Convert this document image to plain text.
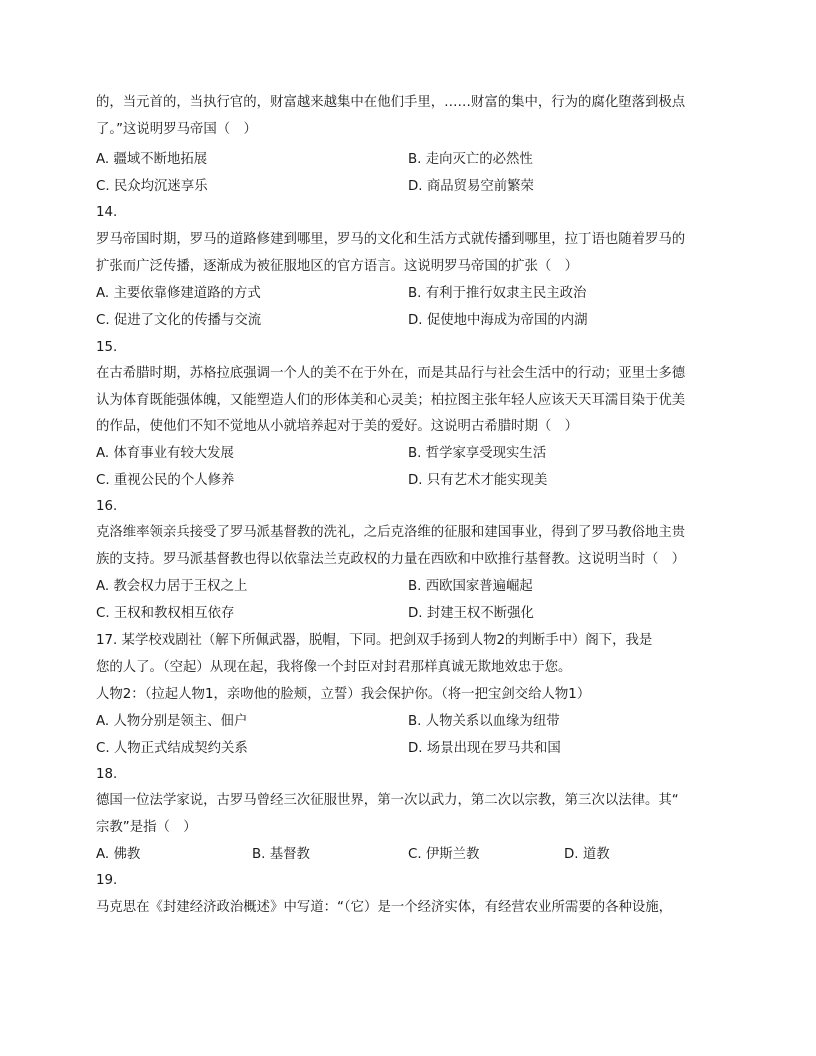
的，当元首的，当执行官的，财富越来越集中在他们手里，……财富的集中，行为的腐化堕落到极点
了。”这说明罗马帝国（　）
A. 疆域不断地拓展	B. 走向灭亡的必然性
C. 民众均沉迷享乐	D. 商品贸易空前繁荣
14.
罗马帝国时期，罗马的道路修建到哪里，罗马的文化和生活方式就传播到哪里，拉丁语也随着罗马的
扩张而广泛传播，逐渐成为被征服地区的官方语言。这说明罗马帝国的扩张（　）
A. 主要依靠修建道路的方式	B. 有利于推行奴隶主民主政治
C. 促进了文化的传播与交流	D. 促使地中海成为帝国的内湖
15.
在古希腊时期，苏格拉底强调一个人的美不在于外在，而是其品行与社会生活中的行动；亚里士多德
认为体育既能强体魄，又能塑造人们的形体美和心灵美；柏拉图主张年轻人应该天天耳濡目染于优美
的作品，使他们不知不觉地从小就培养起对于美的爱好。这说明古希腊时期（　）
A. 体育事业有较大发展	B. 哲学家享受现实生活
C. 重视公民的个人修养	D. 只有艺术才能实现美
16.
克洛维率领亲兵接受了罗马派基督教的洗礼，之后克洛维的征服和建国事业，得到了罗马教俗地主贵
族的支持。罗马派基督教也得以依靠法兰克政权的力量在西欧和中欧推行基督教。这说明当时（　）
A. 教会权力居于王权之上	B. 西欧国家普遍崛起
C. 王权和教权相互依存	D. 封建王权不断强化
17. 某学校戏剧社（解下所佩武器，脱帽，下同。把剑双手扬到人物2的判断手中）阁下，我是
您的人了。（空起）从现在起，我将像一个封臣对封君那样真诚无欺地效忠于您。
人物2：（拉起人物1，亲吻他的脸颊，立誓）我会保护你。（将一把宝剑交给人物1）
A. 人物分别是领主、佃户	B. 人物关系以血缘为纽带
C. 人物正式结成契约关系	D. 场景出现在罗马共和国
18.
德国一位法学家说，古罗马曾经三次征服世界，第一次以武力，第二次以宗教，第三次以法律。其“
宗教”是指（　）
A. 佛教	B. 基督教	C. 伊斯兰教	D. 道教
19.
马克思在《封建经济政治概述》中写道：“（它）是一个经济实体，有经营农业所需要的各种设施，
